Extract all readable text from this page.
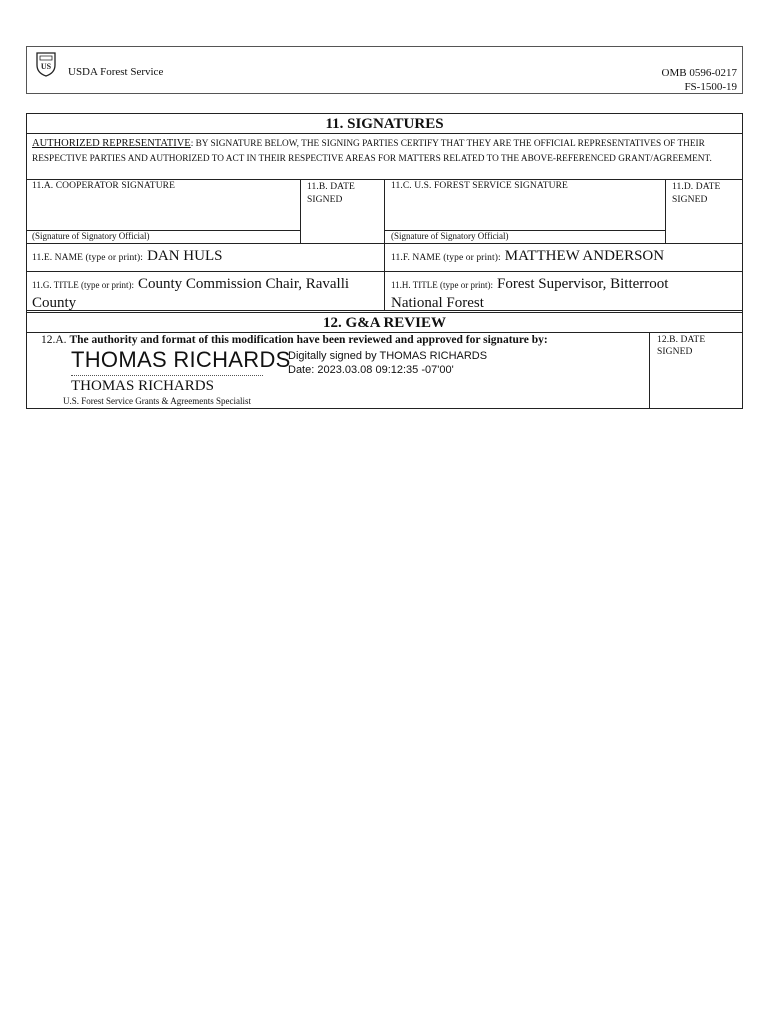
US USDA Forest Service	OMB 0596-0217
FS-1500-19
11. SIGNATURES
AUTHORIZED REPRESENTATIVE: BY SIGNATURE BELOW, THE SIGNING PARTIES CERTIFY THAT THEY ARE THE OFFICIAL REPRESENTATIVES OF THEIR RESPECTIVE PARTIES AND AUTHORIZED TO ACT IN THEIR RESPECTIVE AREAS FOR MATTERS RELATED TO THE ABOVE-REFERENCED GRANT/AGREEMENT.
11.A. COOPERATOR SIGNATURE	11.B. DATE SIGNED
11.C. U.S. FOREST SERVICE SIGNATURE	11.D. DATE SIGNED
(Signature of Signatory Official)	(Signature of Signatory Official)
11.E. NAME (type or print): DAN HULS	11.F. NAME (type or print): MATTHEW ANDERSON
11.G. TITLE (type or print): County Commission Chair, Ravalli
County
11.H. TITLE (type or print): Forest Supervisor, Bitterroot
National Forest
12. G&A REVIEW
12.A. The authority and format of this modification have been reviewed and approved for signature by:	12.B. DATE SIGNED
THOMAS RICHARDS
Digitally signed by THOMAS RICHARDS
Date: 2023.03.08 09:12:35 -07'00'
THOMAS RICHARDS
U.S. Forest Service Grants & Agreements Specialist
